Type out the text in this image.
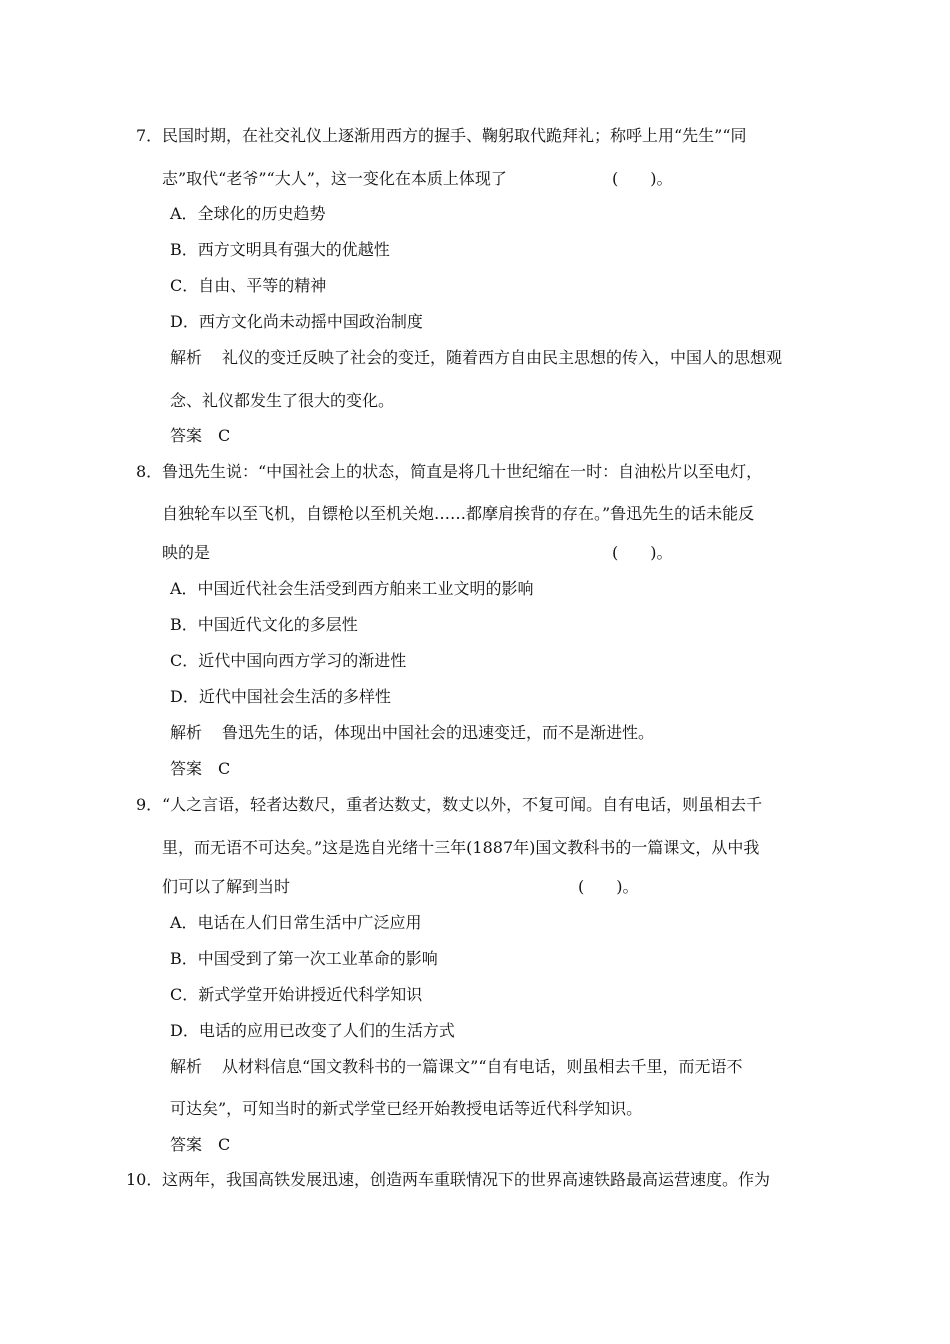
7． 民国时期，在社交礼仪上逐渐用西方的握手、鞠躬取代跪拜礼；称呼上用“先生”“同
志”取代“老爷”“大人”，这一变化在本质上体现了	(　　)。
A．全球化的历史趋势
B．西方文明具有强大的优越性
C．自由、平等的精神
D．西方文化尚未动摇中国政治制度
解析 礼仪的变迁反映了社会的变迁，随着西方自由民主思想的传入，中国人的思想观
念、礼仪都发生了很大的变化。
答案 C
8． 鲁迅先生说：“中国社会上的状态，简直是将几十世纪缩在一时：自油松片以至电灯，
自独轮车以至飞机，自镖枪以至机关炮……都摩肩挨背的存在。”鲁迅先生的话未能反
映的是	(　　)。
A．中国近代社会生活受到西方舶来工业文明的影响
B．中国近代文化的多层性
C．近代中国向西方学习的渐进性
D．近代中国社会生活的多样性
解析 鲁迅先生的话，体现出中国社会的迅速变迁，而不是渐进性。
答案 C
9． “人之言语，轻者达数尺，重者达数丈，数丈以外，不复可闻。自有电话，则虽相去千
里，而无语不可达矣。”这是选自光绪十三年(1887年)国文教科书的一篇课文，从中我
们可以了解到当时	(　　)。
A．电话在人们日常生活中广泛应用
B．中国受到了第一次工业革命的影响
C．新式学堂开始讲授近代科学知识
D．电话的应用已改变了人们的生活方式
解析 从材料信息“国文教科书的一篇课文”“自有电话，则虽相去千里，而无语不
可达矣”，可知当时的新式学堂已经开始教授电话等近代科学知识。
答案 C
10． 这两年，我国高铁发展迅速，创造两车重联情况下的世界高速铁路最高运营速度。作为
